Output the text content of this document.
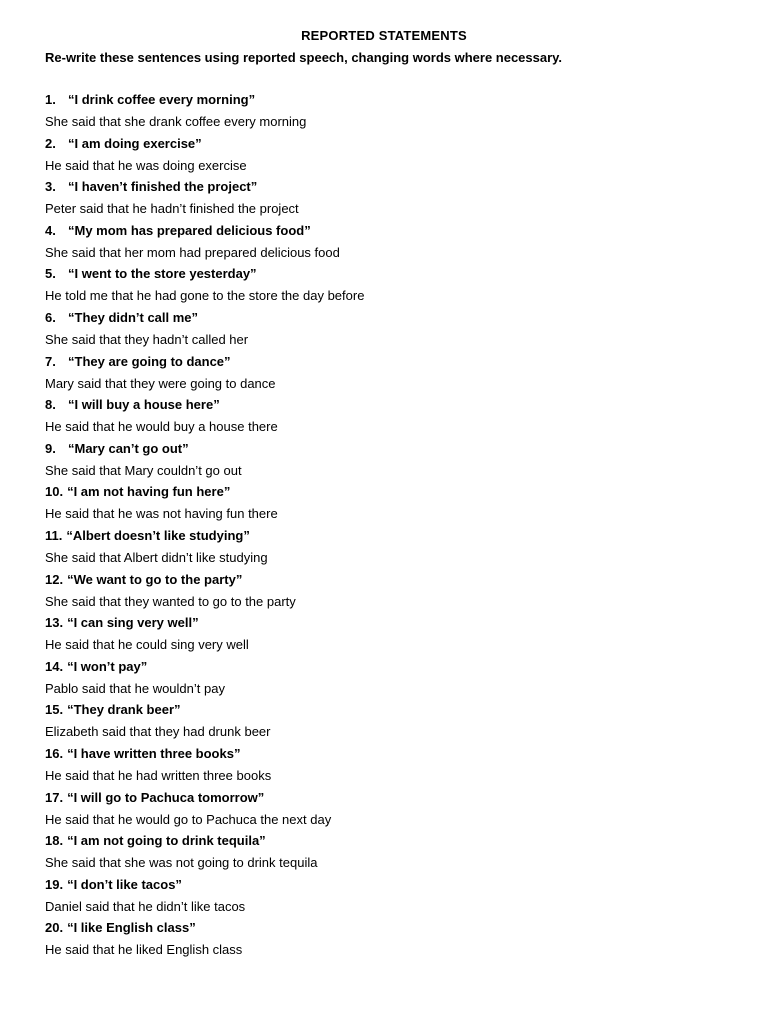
REPORTED STATEMENTS
Re-write these sentences using reported speech, changing words where necessary.
1. “I drink coffee every morning”
She said that she drank coffee every morning
2. “I am doing exercise”
He said that he was doing exercise
3. “I haven’t finished the project”
Peter said that he hadn’t finished the project
4. “My mom has prepared delicious food”
She said that her mom had prepared delicious food
5. “I went to the store yesterday”
He told me that he had gone to the store the day before
6. “They didn’t call me”
She said that they hadn’t called her
7. “They are going to dance”
Mary said that they were going to dance
8. “I will buy a house here”
He said that he would buy a house there
9. “Mary can’t go out”
She said that Mary couldn’t go out
10. “I am not having fun here”
He said that he was not having fun there
11. “Albert doesn’t like studying”
She said that Albert didn’t like studying
12. “We want to go to the party”
She said that they wanted to go to the party
13. “I can sing very well”
He said that he could sing very well
14. “I won’t pay”
Pablo said that he wouldn’t pay
15. “They drank beer”
Elizabeth said that they had drunk beer
16. “I have written three books”
He said that he had written three books
17. “I will go to Pachuca tomorrow”
He said that he would go to Pachuca the next day
18. “I am not going to drink tequila”
She said that she was not going to drink tequila
19. “I don’t like tacos”
Daniel said that he didn’t like tacos
20. “I like English class”
He said that he liked English class
